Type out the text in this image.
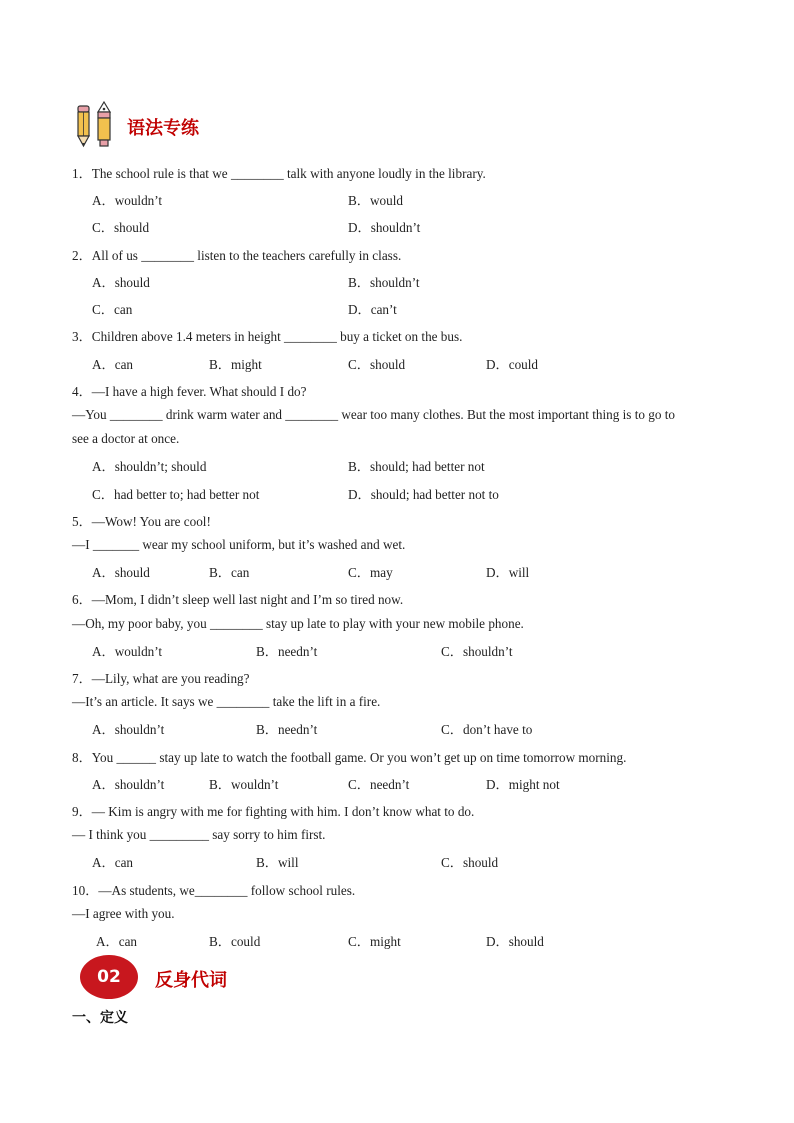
语法专练
1．The school rule is that we ________ talk with anyone loudly in the library.
A．wouldn’t	B．would
C．should	D．shouldn’t
2．All of us ________ listen to the teachers carefully in class.
A．should	B．shouldn’t
C．can	D．can’t
3．Children above 1.4 meters in height ________ buy a ticket on the bus.
A．can	B．might	C．should	D．could
4．—I have a high fever. What should I do?
—You ________ drink warm water and ________ wear too many clothes. But the most important thing is to go to
see a doctor at once.
A．shouldn’t; should	B．should; had better not
C．had better to; had better not	D．should; had better not to
5．—Wow! You are cool!
—I _______ wear my school uniform, but it’s washed and wet.
A．should	B．can	C．may	D．will
6．—Mom, I didn’t sleep well last night and I’m so tired now.
—Oh, my poor baby, you ________ stay up late to play with your new mobile phone.
A．wouldn’t	B．needn’t	C．shouldn’t
7．—Lily, what are you reading?
—It’s an article. It says we ________ take the lift in a fire.
A．shouldn’t	B．needn’t	C．don’t have to
8．You ______ stay up late to watch the football game. Or you won’t get up on time tomorrow morning.
A．shouldn’t	B．wouldn’t	C．needn’t	D．might not
9．— Kim is angry with me for fighting with him. I don’t know what to do.
— I think you _________ say sorry to him first.
A．can	B．will	C．should
10．—As students, we________ follow school rules.
—I agree with you.
A．can	B．could	C．might	D．should
02 反身代词
一、定义
